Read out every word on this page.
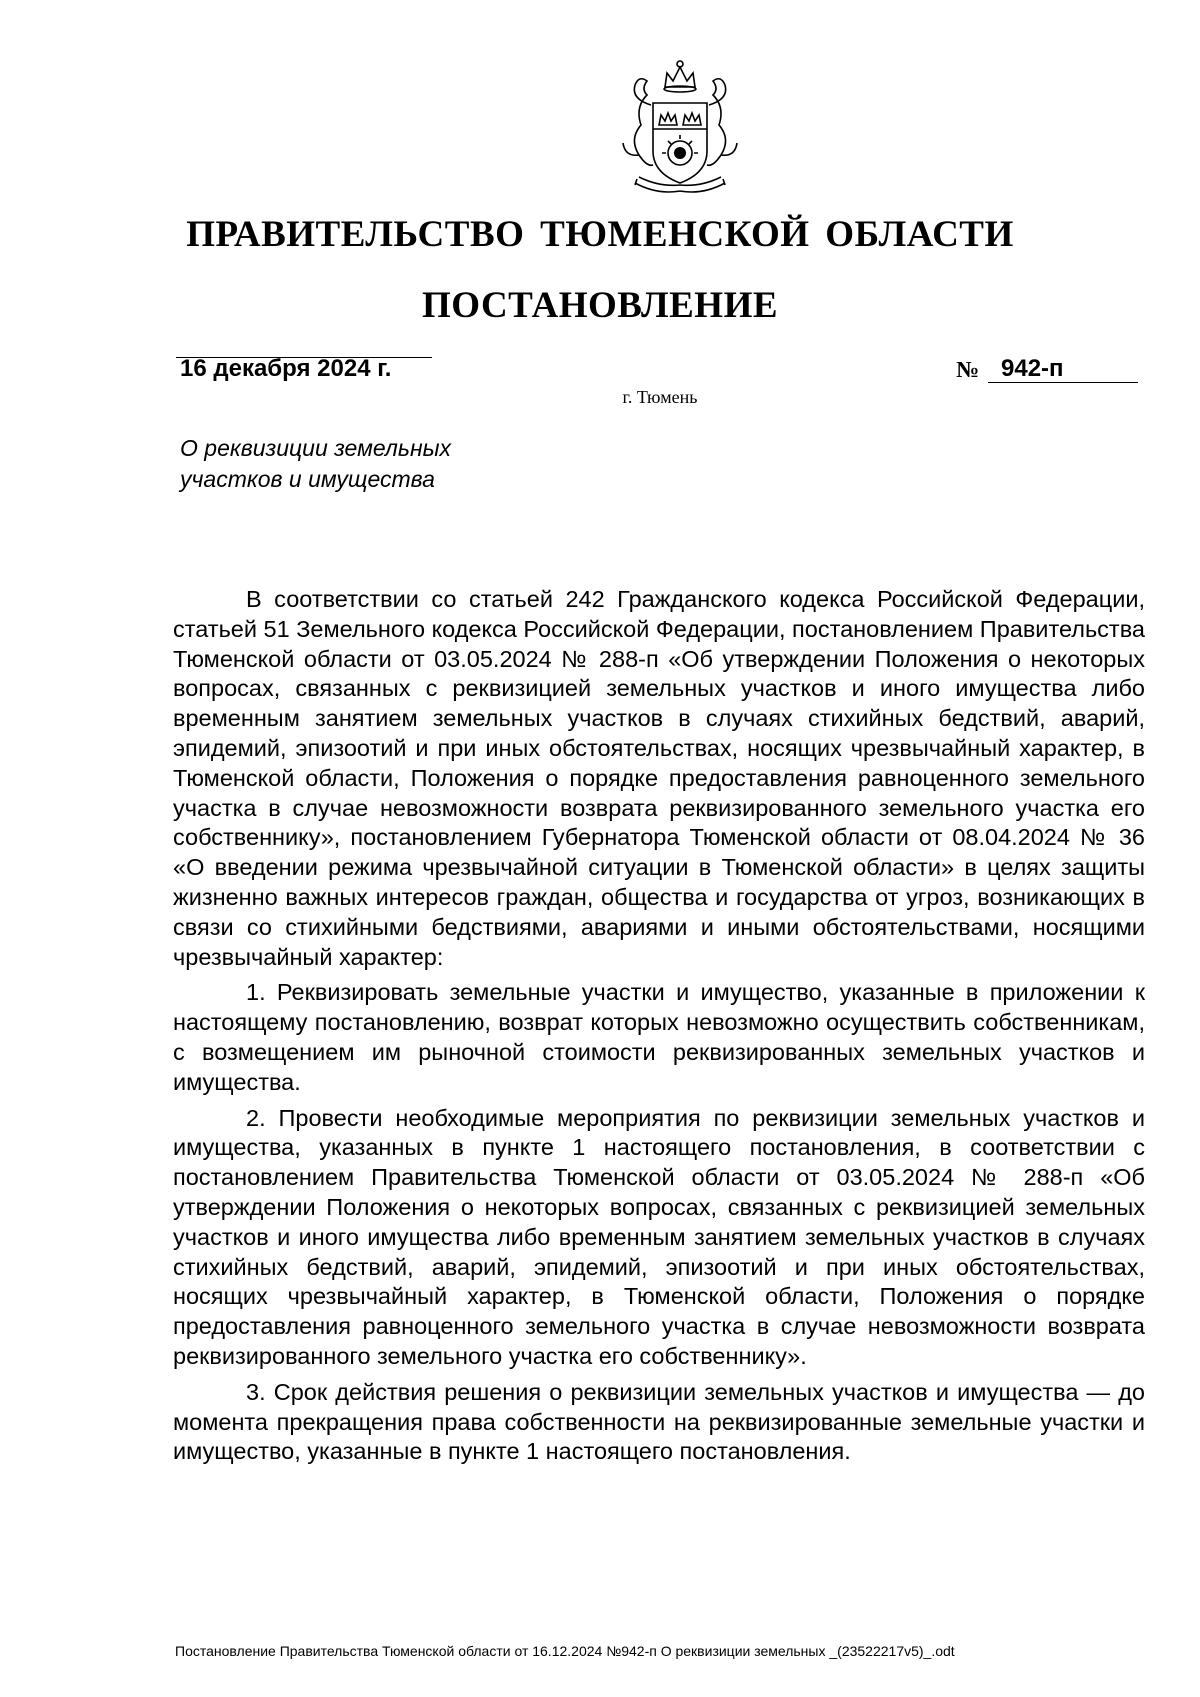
ПРАВИТЕЛЬСТВО ТЮМЕНСКОЙ ОБЛАСТИ
ПОСТАНОВЛЕНИЕ
16 декабря 2024 г.	№ 942-п
г. Тюмень
О реквизиции земельных
участков и имущества

В соответствии со статьей 242 Гражданского кодекса Российской Федерации, статьей 51 Земельного кодекса Российской Федерации, постановлением Правительства Тюменской области от 03.05.2024 № 288-п «Об утверждении Положения о некоторых вопросах, связанных с реквизицией земельных участков и иного имущества либо временным занятием земельных участков в случаях стихийных бедствий, аварий, эпидемий, эпизоотий и при иных обстоятельствах, носящих чрезвычайный характер, в Тюменской области, Положения о порядке предоставления равноценного земельного участка в случае невозможности возврата реквизированного земельного участка его собственнику», постановлением Губернатора Тюменской области от 08.04.2024 № 36 «О введении режима чрезвычайной ситуации в Тюменской области» в целях защиты жизненно важных интересов граждан, общества и государства от угроз, возникающих в связи со стихийными бедствиями, авариями и иными обстоятельствами, носящими чрезвычайный характер:

1. Реквизировать земельные участки и имущество, указанные в приложении к настоящему постановлению, возврат которых невозможно осуществить собственникам, с возмещением им рыночной стоимости реквизированных земельных участков и имущества.

2. Провести необходимые мероприятия по реквизиции земельных участков и имущества, указанных в пункте 1 настоящего постановления, в соответствии с постановлением Правительства Тюменской области от 03.05.2024 № 288-п «Об утверждении Положения о некоторых вопросах, связанных с реквизицией земельных участков и иного имущества либо временным занятием земельных участков в случаях стихийных бедствий, аварий, эпидемий, эпизоотий и при иных обстоятельствах, носящих чрезвычайный характер, в Тюменской области, Положения о порядке предоставления равноценного земельного участка в случае невозможности возврата реквизированного земельного участка его собственнику».

3. Срок действия решения о реквизиции земельных участков и имущества — до момента прекращения права собственности на реквизированные земельные участки и имущество, указанные в пункте 1 настоящего постановления.

Постановление Правительства Тюменской области от 16.12.2024 №942-п О реквизиции земельных _(23522217v5)_.odt
